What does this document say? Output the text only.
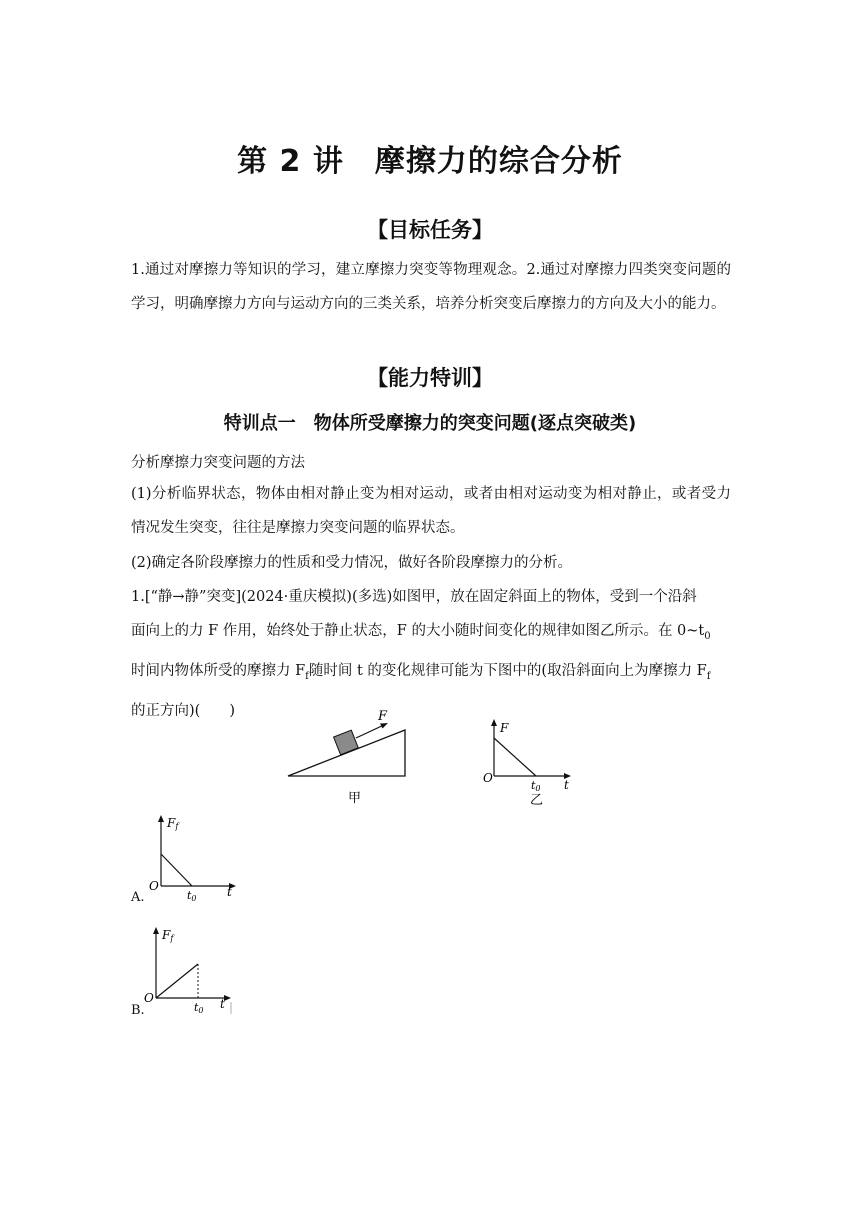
第 2 讲　摩擦力的综合分析
【目标任务】
1.通过对摩擦力等知识的学习，建立摩擦力突变等物理观念。2.通过对摩擦力四类突变问题的学习，明确摩擦力方向与运动方向的三类关系，培养分析突变后摩擦力的方向及大小的能力。
【能力特训】
特训点一　物体所受摩擦力的突变问题(逐点突破类)
分析摩擦力突变问题的方法
(1)分析临界状态，物体由相对静止变为相对运动，或者由相对运动变为相对静止，或者受力情况发生突变，往往是摩擦力突变问题的临界状态。
(2)确定各阶段摩擦力的性质和受力情况，做好各阶段摩擦力的分析。
1.[“静→静”突变](2024·重庆模拟)(多选)如图甲，放在固定斜面上的物体，受到一个沿斜
面向上的力 F 作用，始终处于静止状态，F 的大小随时间变化的规律如图乙所示。在 $0\sim t_0$
时间内物体所受的摩擦力 $F_f$随时间 t 的变化规律可能为下图中的(取沿斜面向上为摩擦力 $F_f$
的正方向)(　　)	F
甲
F
O
t0 t
乙
A.
Ff
O
t0	t
B.
Ff
O
t0 t
